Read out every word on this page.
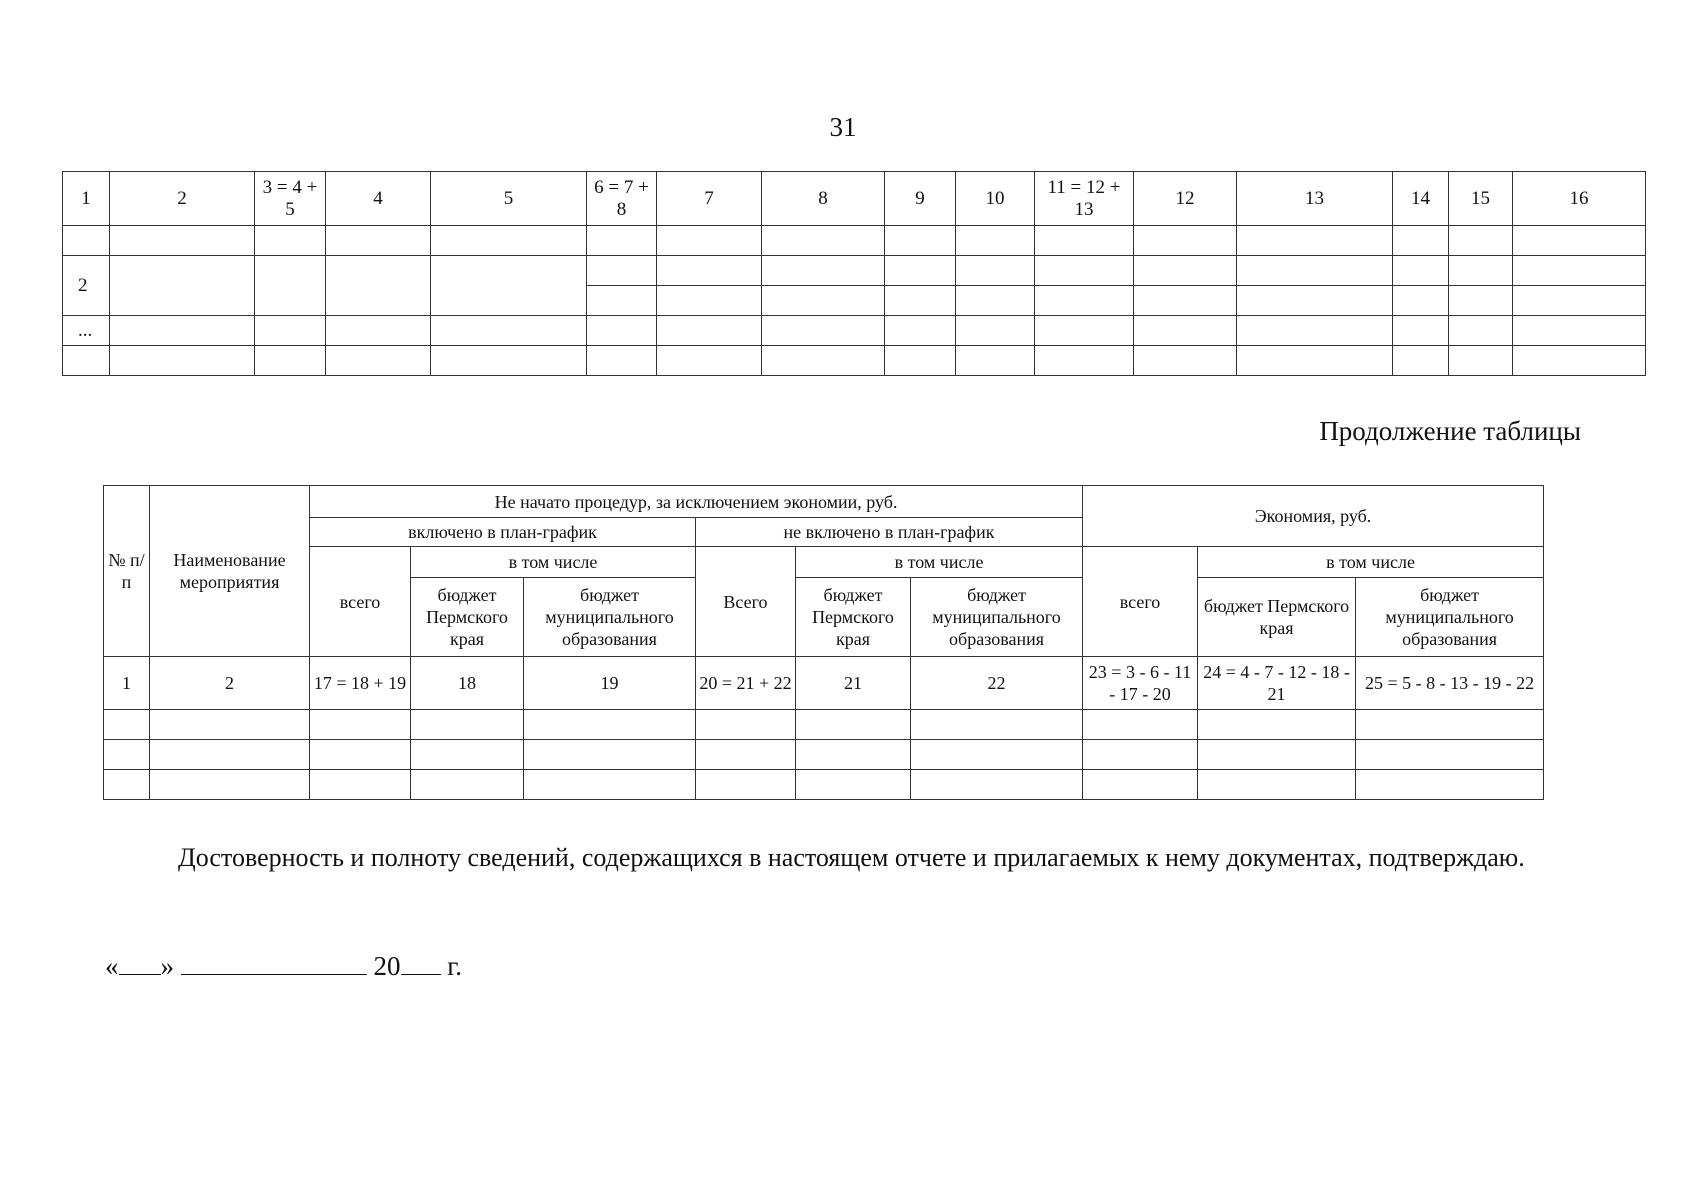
31
1	2	3 = 4 + 5	4	5	6 = 7 + 8	7	8	9	10	11 = 12 + 13	12	13	14	15	16

2															

...															

Продолжение таблицы
№ п/п	Наименование мероприятия	Не начато процедур, за исключением экономии, руб.						Экономия, руб.		
		включено в план-график			не включено в план-график					
		всего	в том числе		Всего	в том числе		всего	в том числе	
			бюджет Пермского края	бюджет муниципального образования		бюджет Пермского края	бюджет муниципального образования		бюджет Пермского края	бюджет муниципального образования
1	2	17 = 18 + 19	18	19	20 = 21 + 22	21	22	23 = 3 - 6 - 11 - 17 - 20	24 = 4 - 7 - 12 - 18 - 21	25 = 5 - 8 - 13 - 19 - 22

Достоверность и полноту сведений, содержащихся в настоящем отчете и прилагаемых к нему документах, подтверждаю.
« »	20 г.
